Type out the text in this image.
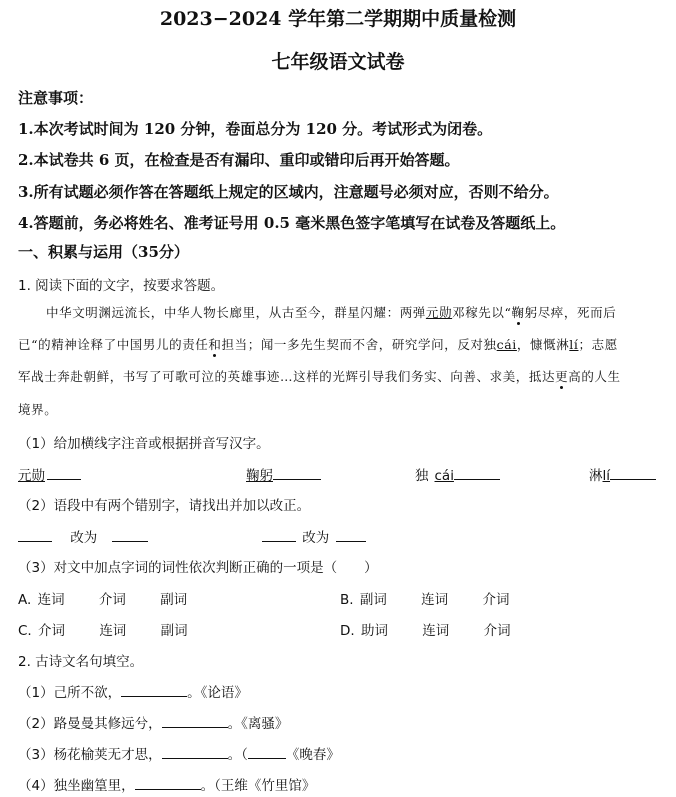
2023−2024 学年第二学期期中质量检测
七年级语文试卷
注意事项：
1.本次考试时间为 120 分钟，卷面总分为 120 分。考试形式为闭卷。
2.本试卷共 6 页，在检查是否有漏印、重印或错印后再开始答题。
3.所有试题必须作答在答题纸上规定的区域内，注意题号必须对应，否则不给分。
4.答题前，务必将姓名、准考证号用 0.5 毫米黑色签字笔填写在试卷及答题纸上。
一、积累与运用（35分）
1. 阅读下面的文字，按要求答题。
中华文明渊远流长，中华人物长廊里，从古至今，群星闪耀：两弹元勋邓稼先以“鞠躬尽瘁，死而后
已“的精神诠释了中国男儿的责任和担当；闻一多先生契而不舍，研究学问，反对独cái，慷慨淋lí；志愿
军战士奔赴朝鲜，书写了可歌可泣的英雄事迹…这样的光辉引导我们务实、向善、求美，抵达更高的人生
境界。
（1）给加横线字注音或根据拼音写汉字。
元勋	鞠躬	独 cái	淋lí
（2）语段中有两个错别字，请找出并加以改正。
改为	改为
（3）对文中加点字词的词性依次判断正确的一项是（　　）
A. 连词	介词	副词	B. 副词	连词	介词
C. 介词	连词	副词	D. 助词	连词	介词
2. 古诗文名句填空。
（1）己所不欲，	。《论语》
（2）路曼曼其修远兮，	。《离骚》
（3）杨花榆荚无才思，	。（	《晚春》
（4）独坐幽篁里，	。（王维《竹里馆》
